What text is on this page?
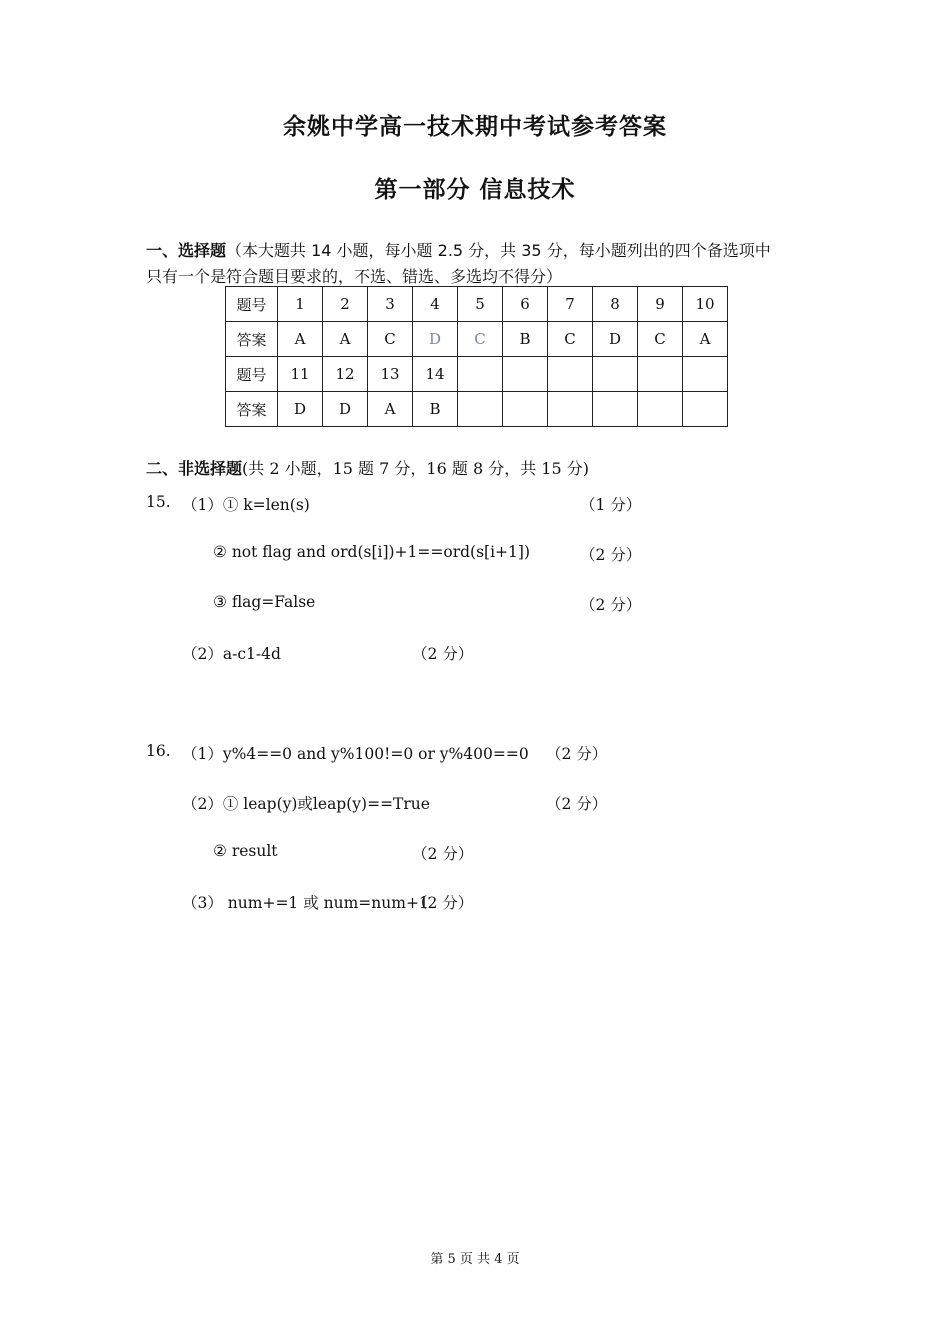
余姚中学高一技术期中考试参考答案
第一部分 信息技术
一、选择题（本大题共 14 小题，每小题 2.5 分，共 35 分，每小题列出的四个备选项中
只有一个是符合题目要求的，不选、错选、多选均不得分）
题号	1	2	3	4	5	6	7	8	9	10
答案	A	A	C	D	C	B	C	D	C	A
题号	11	12	13	14						
答案	D	D	A	B						
二、非选择题(共 2 小题，15 题 7 分，16 题 8 分，共 15 分)
15. （1）① k=len(s)	（1 分）
② not flag and ord(s[i])+1==ord(s[i+1])	（2 分）
③ flag=False	（2 分）
（2）a-c1-4d	（2 分）
16. （1）y%4==0 and y%100!=0 or y%400==0 （2 分）
（2）① leap(y)或leap(y)==True	（2 分）
② result	（2 分）
（3） num+=1 或 num=num+1
（2 分）
第 5 页 共 4 页
